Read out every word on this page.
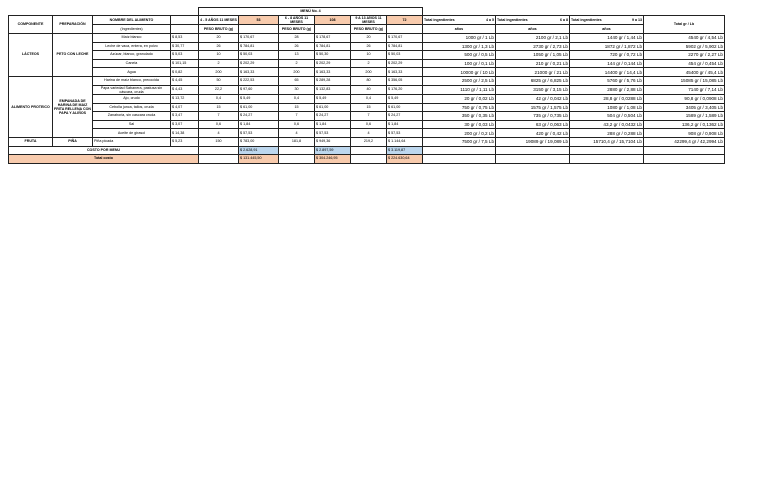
				MENÚ No. 4									
COMPONENTE	PREPARACIÓN	NOMBRE DEL ALIMENTO		4 - 5 AÑOS 11 MESES	53	6 - 8 AÑOS 11 MESES	108	9 A 13 AÑOS 11 MESES	72	Total ingredientes 4 a 5	Total ingredientes 6 a 8	Total ingredientes 9 a 13	Total gr / Lb
		(Ingredientes)		PESO BRUTO (g)		PESO BRUTO (g)		PESO BRUTO (g)		años	años	años	
LÁCTEOS	PETO CON LECHE	Maíz blanco	$ 8,53	20	$ 170,67	28	$ 178,67	20	$ 170,67	1000 gr / 1 Lb	2100 gr / 2,1 Lb	1440 gr / 1,44 Lb	4540 gr / 4,54 Lb
		Leche de vaca, entera, en polvo	$ 30,77	26	$ 784,81	26	$ 784,81	26	$ 784,81	1300 gr / 1,3 Lb	2730 gr / 2,73 Lb	1872 gr / 1,872 Lb	5902 gr / 5,902 Lb
		Azúcar, blanco, granulado	$ 5,03	10	$ 50,03	13	$ 50,30	10	$ 50,03	500 gr / 0,5 Lb	1050 gr / 1,05 Lb	720 gr / 0,72 Lb	2270 gr / 2,27 Lb
		Canela	$ 101,15	2	$ 202,29	2	$ 202,29	2	$ 202,29	100 gr / 0,1 Lb	210 gr / 0,21 Lb	144 gr / 0,144 Lb	454 gr / 0,454 Lb
		Agua	$ 0,82	200	$ 163,33	200	$ 163,33	200	$ 163,33	10000 gr / 10 Lb	21000 gr / 21 Lb	14400 gr / 14,4 Lb	45400 gr / 45,4 Lb
ALIMENTO PROTEICO	EMPANADA DE HARINA DE MAIZ FRITA RELLENA CON PAPA Y ALIÑOS	Harina de maíz blanco, precocida	$ 4,45	50	$ 222,53	65	$ 289,28	80	$ 356,05	2500 gr / 2,5 Lb	6825 gr / 6,825 Lb	5760 gr / 5,76 Lb	15085 gr / 15,085 Lb
		Papa variedad Sabanera, pastusa sin cáscara, cruda	$ 4,43	22,2	$ 97,60	30	$ 132,83	40	$ 176,20	1110 gr / 1,11 Lb	3150 gr / 3,15 Lb	2880 gr / 2,88 Lb	7140 gr / 7,14 Lb
		Ajo, crudo	$ 13,72	0,4	$ 5,49	0,4	$ 5,49	0,4	$ 5,49	20 gr / 0,02 Lb	42 gr / 0,042 Lb	28,8 gr / 0,0288 Lb	90,8 gr / 0,0908 Lb
		Cebolla junca, tallos, cruda	$ 4,07	15	$ 61,00	15	$ 61,00	15	$ 61,00	750 gr / 0,75 Lb	1575 gr / 1,575 Lb	1080 gr / 1,08 Lb	3405 gr / 3,405 Lb
		Zanahoria, sin cascara cruda	$ 3,47	7	$ 24,27	7	$ 24,27	7	$ 24,27	350 gr / 0,35 Lb	735 gr / 0,735 Lb	504 gr / 0,504 Lb	1589 gr / 1,589 Lb
		Sal	$ 3,07	0,6	$ 1,84	0,6	$ 1,84	0,6	$ 1,84	30 gr / 0,03 Lb	63 gr / 0,063 Lb	43,2 gr / 0,0432 Lb	136,2 gr / 0,1362 Lb
		Aceite de girasol	$ 14,38	4	$ 57,53	4	$ 57,53	4	$ 57,53	200 gr / 0,2 Lb	420 gr / 0,42 Lb	288 gr / 0,288 Lb	908 gr / 0,908 Lb
FRUTA	PIÑA	Piña picada	$ 5,23	150	$ 783,00	181,8	$ 949,36	219,2	$ 1.144,64	7500 gr / 7,5 Lb	19089 gr / 19,089 Lb	15710,4 gr / 15,7104 Lb	42299,4 gr / 42,2994 Lb
COSTO POR MENU					$ 2.628,91		$ 2.897,59		$ 3.119,87				
Total costo					$ 131.445,50		$ 304.246,95		$ 224.630,64				
